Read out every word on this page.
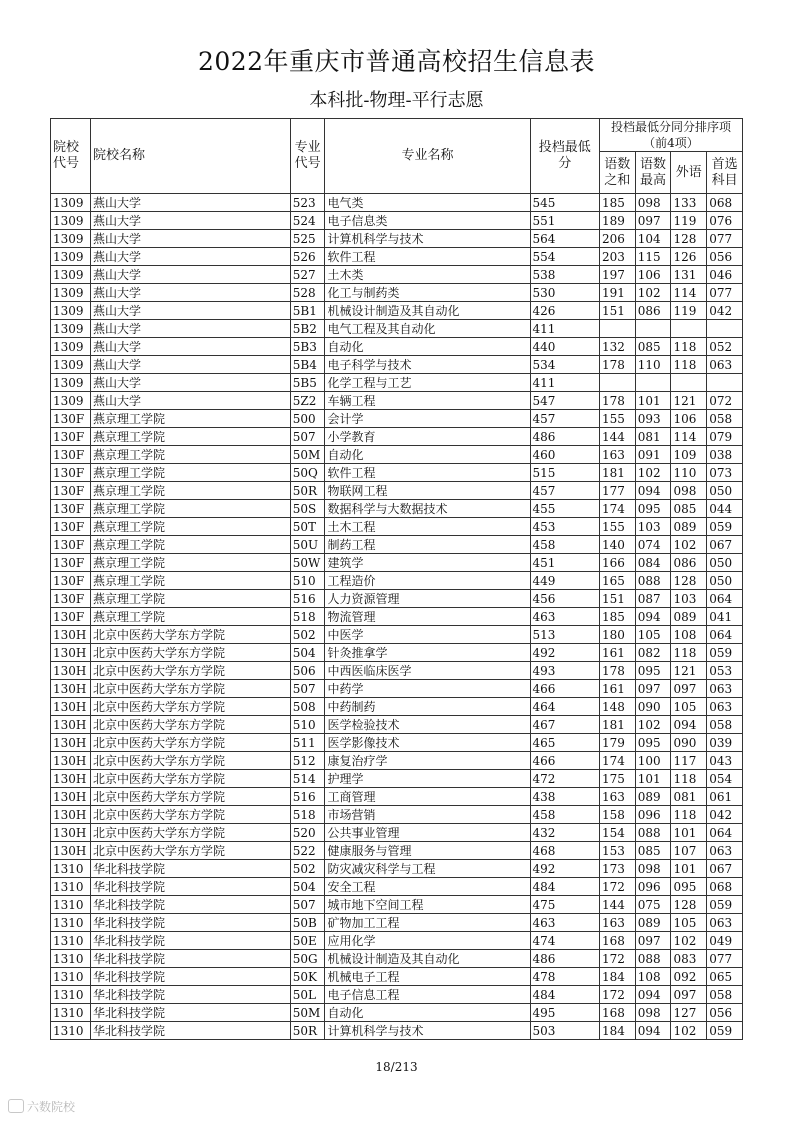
2022年重庆市普通高校招生信息表
本科批-物理-平行志愿
院校代号	院校名称	专业代号	专业名称	投档最低分	投档最低分同分排序项（前4项）			
					语数之和	语数最高	外语	首选科目
1309	燕山大学	523	电气类	545	185	098	133	068
1309	燕山大学	524	电子信息类	551	189	097	119	076
1309	燕山大学	525	计算机科学与技术	564	206	104	128	077
1309	燕山大学	526	软件工程	554	203	115	126	056
1309	燕山大学	527	土木类	538	197	106	131	046
1309	燕山大学	528	化工与制药类	530	191	102	114	077
1309	燕山大学	5B1	机械设计制造及其自动化	426	151	086	119	042
1309	燕山大学	5B2	电气工程及其自动化	411				
1309	燕山大学	5B3	自动化	440	132	085	118	052
1309	燕山大学	5B4	电子科学与技术	534	178	110	118	063
1309	燕山大学	5B5	化学工程与工艺	411				
1309	燕山大学	5Z2	车辆工程	547	178	101	121	072
130F	燕京理工学院	500	会计学	457	155	093	106	058
130F	燕京理工学院	507	小学教育	486	144	081	114	079
130F	燕京理工学院	50M	自动化	460	163	091	109	038
130F	燕京理工学院	50Q	软件工程	515	181	102	110	073
130F	燕京理工学院	50R	物联网工程	457	177	094	098	050
130F	燕京理工学院	50S	数据科学与大数据技术	455	174	095	085	044
130F	燕京理工学院	50T	土木工程	453	155	103	089	059
130F	燕京理工学院	50U	制药工程	458	140	074	102	067
130F	燕京理工学院	50W	建筑学	451	166	084	086	050
130F	燕京理工学院	510	工程造价	449	165	088	128	050
130F	燕京理工学院	516	人力资源管理	456	151	087	103	064
130F	燕京理工学院	518	物流管理	463	185	094	089	041
130H	北京中医药大学东方学院	502	中医学	513	180	105	108	064
130H	北京中医药大学东方学院	504	针灸推拿学	492	161	082	118	059
130H	北京中医药大学东方学院	506	中西医临床医学	493	178	095	121	053
130H	北京中医药大学东方学院	507	中药学	466	161	097	097	063
130H	北京中医药大学东方学院	508	中药制药	464	148	090	105	063
130H	北京中医药大学东方学院	510	医学检验技术	467	181	102	094	058
130H	北京中医药大学东方学院	511	医学影像技术	465	179	095	090	039
130H	北京中医药大学东方学院	512	康复治疗学	466	174	100	117	043
130H	北京中医药大学东方学院	514	护理学	472	175	101	118	054
130H	北京中医药大学东方学院	516	工商管理	438	163	089	081	061
130H	北京中医药大学东方学院	518	市场营销	458	158	096	118	042
130H	北京中医药大学东方学院	520	公共事业管理	432	154	088	101	064
130H	北京中医药大学东方学院	522	健康服务与管理	468	153	085	107	063
1310	华北科技学院	502	防灾减灾科学与工程	492	173	098	101	067
1310	华北科技学院	504	安全工程	484	172	096	095	068
1310	华北科技学院	507	城市地下空间工程	475	144	075	128	059
1310	华北科技学院	50B	矿物加工工程	463	163	089	105	063
1310	华北科技学院	50E	应用化学	474	168	097	102	049
1310	华北科技学院	50G	机械设计制造及其自动化	486	172	088	083	077
1310	华北科技学院	50K	机械电子工程	478	184	108	092	065
1310	华北科技学院	50L	电子信息工程	484	172	094	097	058
1310	华北科技学院	50M	自动化	495	168	098	127	056
1310	华北科技学院	50R	计算机科学与技术	503	184	094	102	059
18/213
六数院校
